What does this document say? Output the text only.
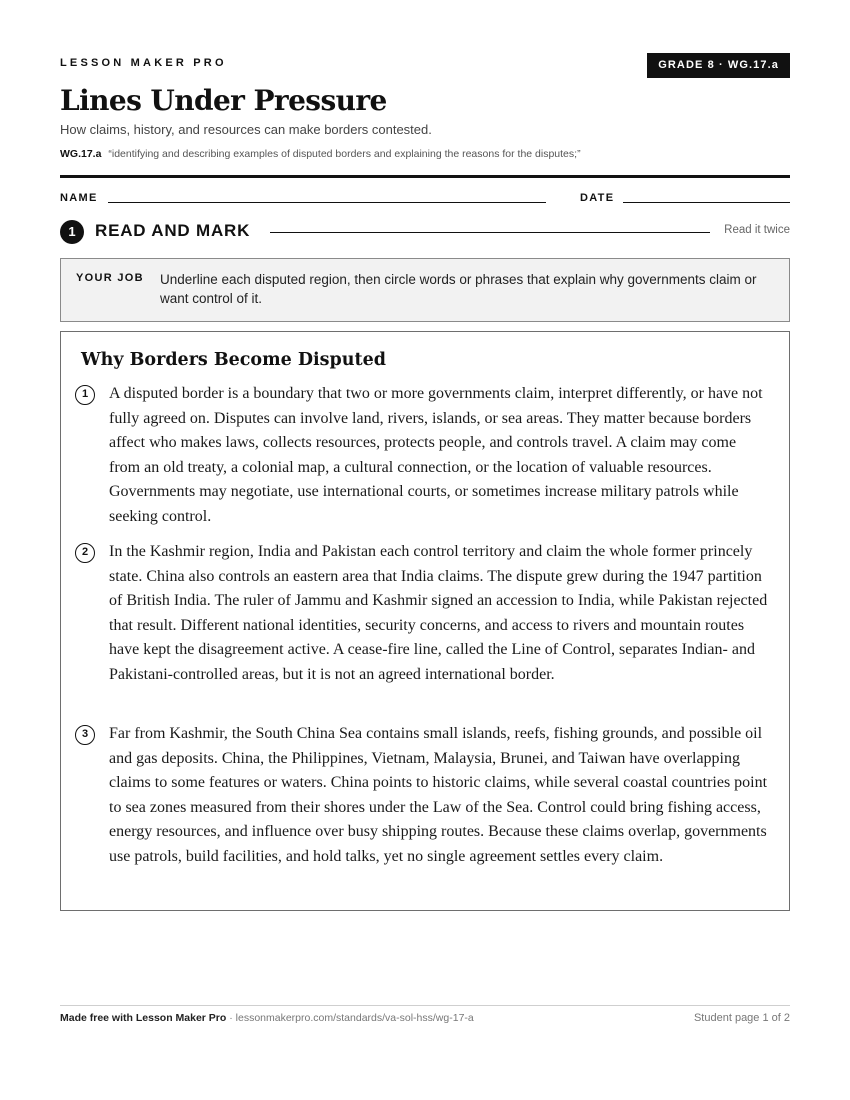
LESSON MAKER PRO	GRADE 8 · WG.17.a
Lines Under Pressure
How claims, history, and resources can make borders contested.
WG.17.a “identifying and describing examples of disputed borders and explaining the reasons for the disputes;”
NAME	DATE
1	READ AND MARK	Read it twice
YOUR JOB Underline each disputed region, then circle words or phrases that explain why governments claim or want control of it.
Why Borders Become Disputed
1	A disputed border is a boundary that two or more governments claim, interpret differently, or have not fully agreed on. Disputes can involve land, rivers, islands, or sea areas. They matter because borders affect who makes laws, collects resources, protects people, and controls travel. A claim may come from an old treaty, a colonial map, a cultural connection, or the location of valuable resources. Governments may negotiate, use international courts, or sometimes increase military patrols while seeking control.

2	In the Kashmir region, India and Pakistan each control territory and claim the whole former princely state. China also controls an eastern area that India claims. The dispute grew during the 1947 partition of British India. The ruler of Jammu and Kashmir signed an accession to India, while Pakistan rejected that result. Different national identities, security concerns, and access to rivers and mountain routes have kept the disagreement active. A cease-fire line, called the Line of Control, separates Indian- and Pakistani-controlled areas, but it is not an agreed international border.

3	Far from Kashmir, the South China Sea contains small islands, reefs, fishing grounds, and possible oil and gas deposits. China, the Philippines, Vietnam, Malaysia, Brunei, and Taiwan have overlapping claims to some features or waters. China points to historic claims, while several coastal countries point to sea zones measured from their shores under the Law of the Sea. Control could bring fishing access, energy resources, and influence over busy shipping routes. Because these claims overlap, governments use patrols, build facilities, and hold talks, yet no single agreement settles every claim.

Made free with Lesson Maker Pro · lessonmakerpro.com/standards/va-sol-hss/wg-17-a	Student page 1 of 2
